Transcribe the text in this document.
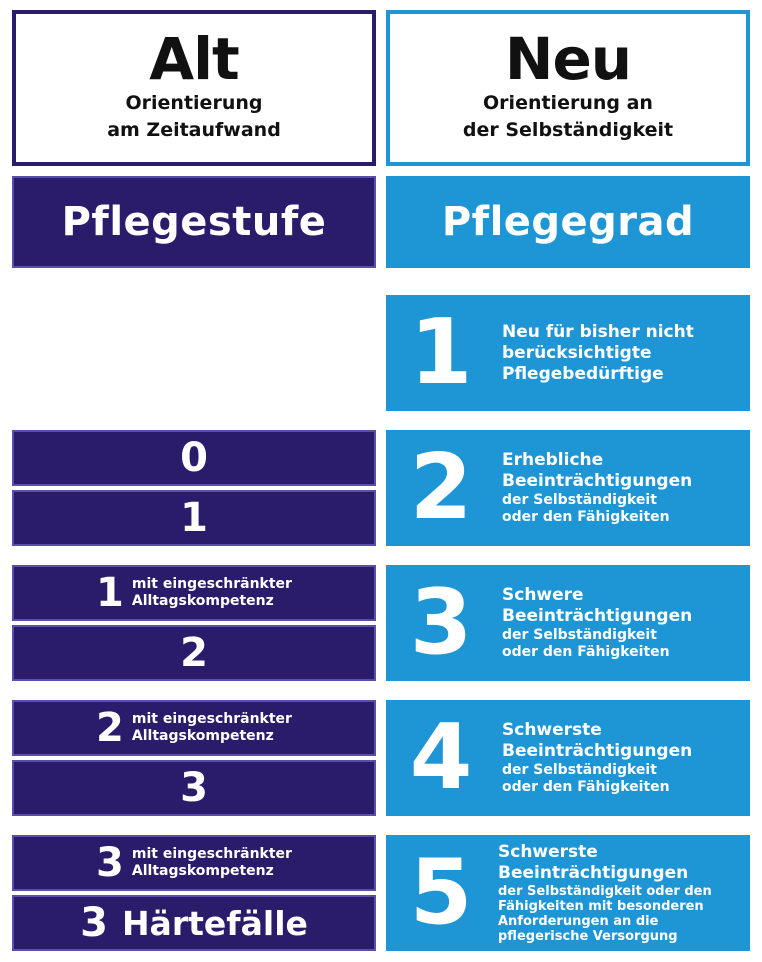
Alt
Orientierung
am Zeitaufwand
Neu
Orientierung an
der Selbständigkeit
Pflegestufe	Pflegegrad
0
1
1 mit eingeschränkter
Alltagskompetenz
2
2 mit eingeschränkter
Alltagskompetenz
3
3 mit eingeschränkter
Alltagskompetenz
3 Härtefälle
1 Neu für bisher nicht
berücksichtigte
Pflegebedürftige
2 Erhebliche
Beeinträchtigungen
der Selbständigkeit
oder den Fähigkeiten
3 Schwere
Beeinträchtigungen
der Selbständigkeit
oder den Fähigkeiten
4 Schwerste
Beeinträchtigungen
der Selbständigkeit
oder den Fähigkeiten
5 Schwerste
Beeinträchtigungen
der Selbständigkeit oder den
Fähigkeiten mit besonderen
Anforderungen an die
pflegerische Versorgung
